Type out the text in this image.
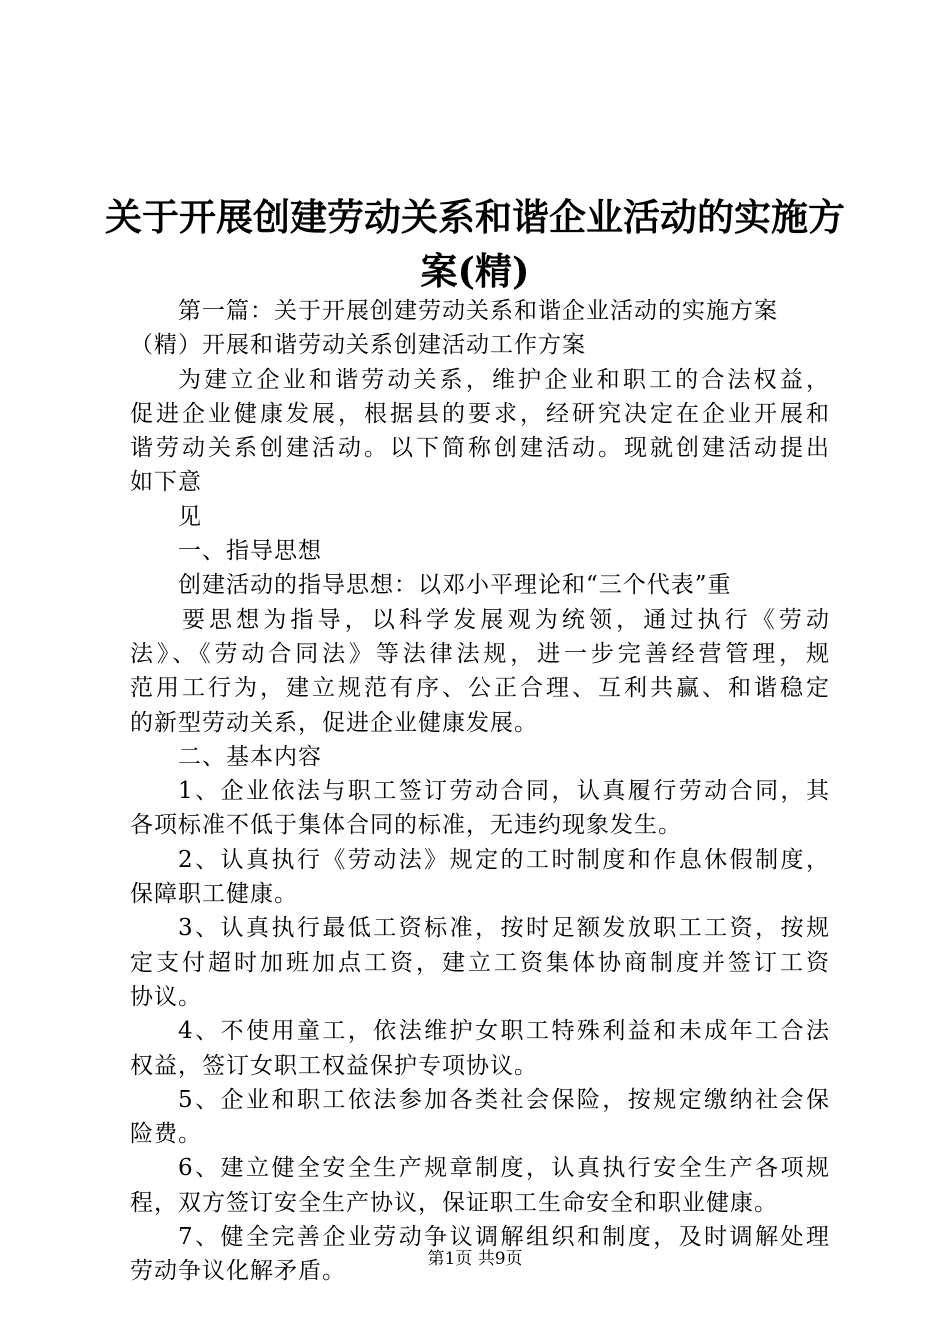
关于开展创建劳动关系和谐企业活动的实施方
案(精)
第一篇：关于开展创建劳动关系和谐企业活动的实施方案
（精）开展和谐劳动关系创建活动工作方案
为建立企业和谐劳动关系，维护企业和职工的合法权益，
促进企业健康发展，根据县的要求，经研究决定在企业开展和
谐劳动关系创建活动。以下简称创建活动。现就创建活动提出
如下意
见
一、指导思想
创建活动的指导思想：以邓小平理论和“三个代表”重
要思想为指导，以科学发展观为统领，通过执行《劳动
法》、《劳动合同法》等法律法规，进一步完善经营管理，规
范用工行为，建立规范有序、公正合理、互利共赢、和谐稳定
的新型劳动关系，促进企业健康发展。
二、基本内容
1、企业依法与职工签订劳动合同，认真履行劳动合同，其
各项标准不低于集体合同的标准，无违约现象发生。
2、认真执行《劳动法》规定的工时制度和作息休假制度，
保障职工健康。
3、认真执行最低工资标准，按时足额发放职工工资，按规
定支付超时加班加点工资，建立工资集体协商制度并签订工资
协议。
4、不使用童工，依法维护女职工特殊利益和未成年工合法
权益，签订女职工权益保护专项协议。
5、企业和职工依法参加各类社会保险，按规定缴纳社会保
险费。
6、建立健全安全生产规章制度，认真执行安全生产各项规
程，双方签订安全生产协议，保证职工生命安全和职业健康。
7、健全完善企业劳动争议调解组织和制度，及时调解处理
劳动争议化解矛盾。	第1页 共9页
